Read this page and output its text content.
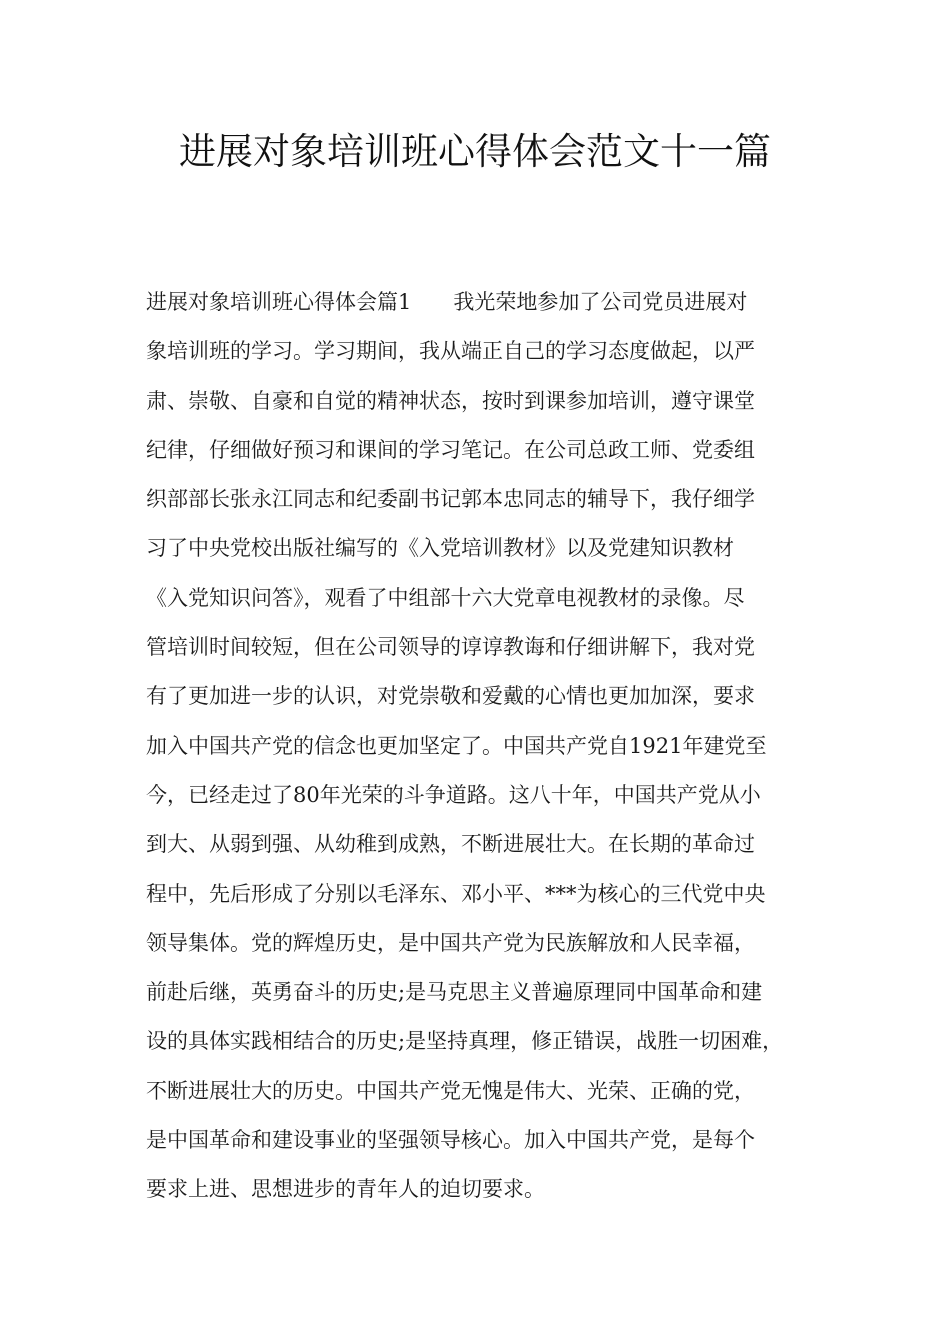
进展对象培训班心得体会范文十一篇
进展对象培训班心得体会篇1　　我光荣地参加了公司党员进展对
象培训班的学习。学习期间，我从端正自己的学习态度做起，以严
肃、崇敬、自豪和自觉的精神状态，按时到课参加培训，遵守课堂
纪律，仔细做好预习和课间的学习笔记。在公司总政工师、党委组
织部部长张永江同志和纪委副书记郭本忠同志的辅导下，我仔细学
习了中央党校出版社编写的《入党培训教材》以及党建知识教材
《入党知识问答》，观看了中组部十六大党章电视教材的录像。尽
管培训时间较短，但在公司领导的谆谆教诲和仔细讲解下，我对党
有了更加进一步的认识，对党崇敬和爱戴的心情也更加加深，要求
加入中国共产党的信念也更加坚定了。中国共产党自1921年建党至
今，已经走过了80年光荣的斗争道路。这八十年，中国共产党从小
到大、从弱到强、从幼稚到成熟，不断进展壮大。在长期的革命过
程中，先后形成了分别以毛泽东、邓小平、***为核心的三代党中央
领导集体。党的辉煌历史，是中国共产党为民族解放和人民幸福，
前赴后继，英勇奋斗的历史;是马克思主义普遍原理同中国革命和建
设的具体实践相结合的历史;是坚持真理，修正错误，战胜一切困难，
不断进展壮大的历史。中国共产党无愧是伟大、光荣、正确的党，
是中国革命和建设事业的坚强领导核心。加入中国共产党，是每个
要求上进、思想进步的青年人的迫切要求。
